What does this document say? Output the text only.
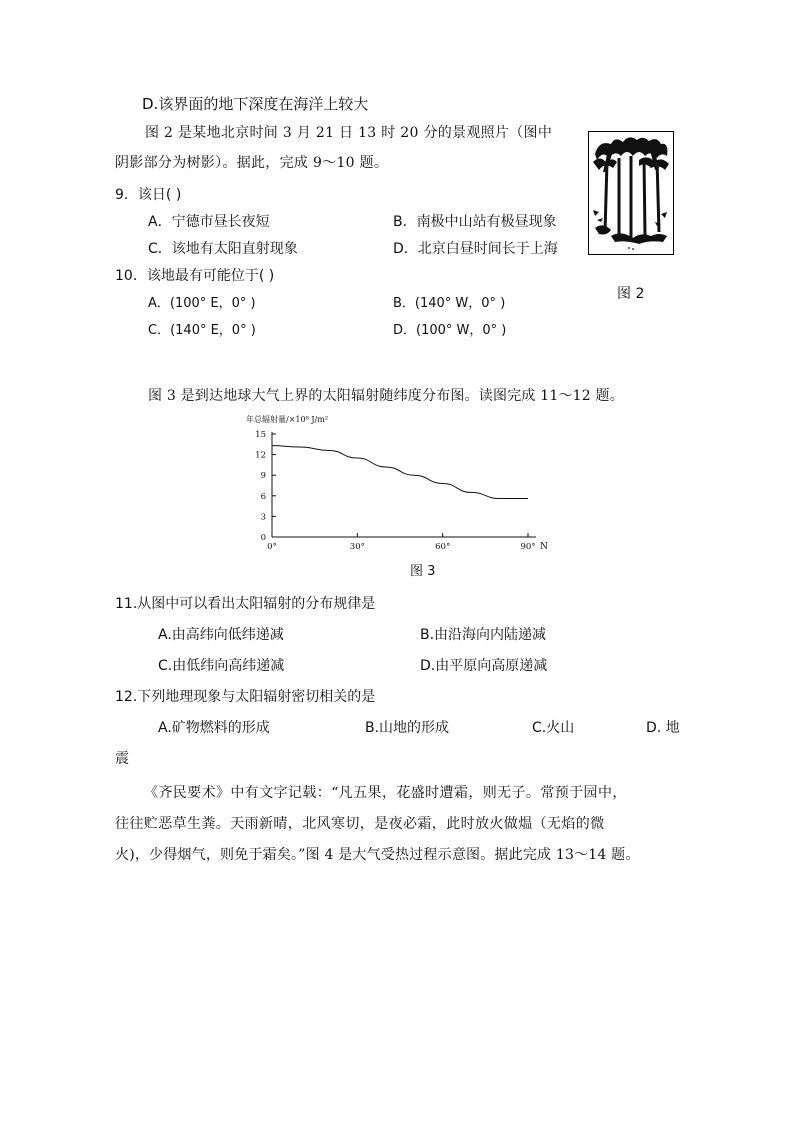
D.该界面的地下深度在海洋上较大
图 2 是某地北京时间 3 月 21 日 13 时 20 分的景观照片（图中
阴影部分为树影）。据此，完成 9～10 题。
9．该日( )
A．宁德市昼长夜短	B．南极中山站有极昼现象
C．该地有太阳直射现象	D．北京白昼时间长于上海
10．该地最有可能位于( )
A．(100° E，0° )	B．(140° W，0° )
C．(140° E，0° )	D．(100° W，0° )
图 2
图 3 是到达地球大气上界的太阳辐射随纬度分布图。读图完成 11～12 题。
年总辐射量/×10⁸ J/m²
0
3
6
9
12
15
0°	30°	60°	90° N
图 3
11.从图中可以看出太阳辐射的分布规律是
A.由高纬向低纬递减	B.由沿海向内陆递减
C.由低纬向高纬递减	D.由平原向高原递减
12.下列地理现象与太阳辐射密切相关的是
A.矿物燃料的形成	B.山地的形成	C.火山	D. 地
震
《齐民要术》中有文字记载：“凡五果，花盛时遭霜，则无子。常预于园中，
往往贮恶草生粪。天雨新晴，北风寒切，是夜必霜，此时放火做煴（无焰的微
火)，少得烟气，则免于霜矣。”图 4 是大气受热过程示意图。据此完成 13～14 题。
